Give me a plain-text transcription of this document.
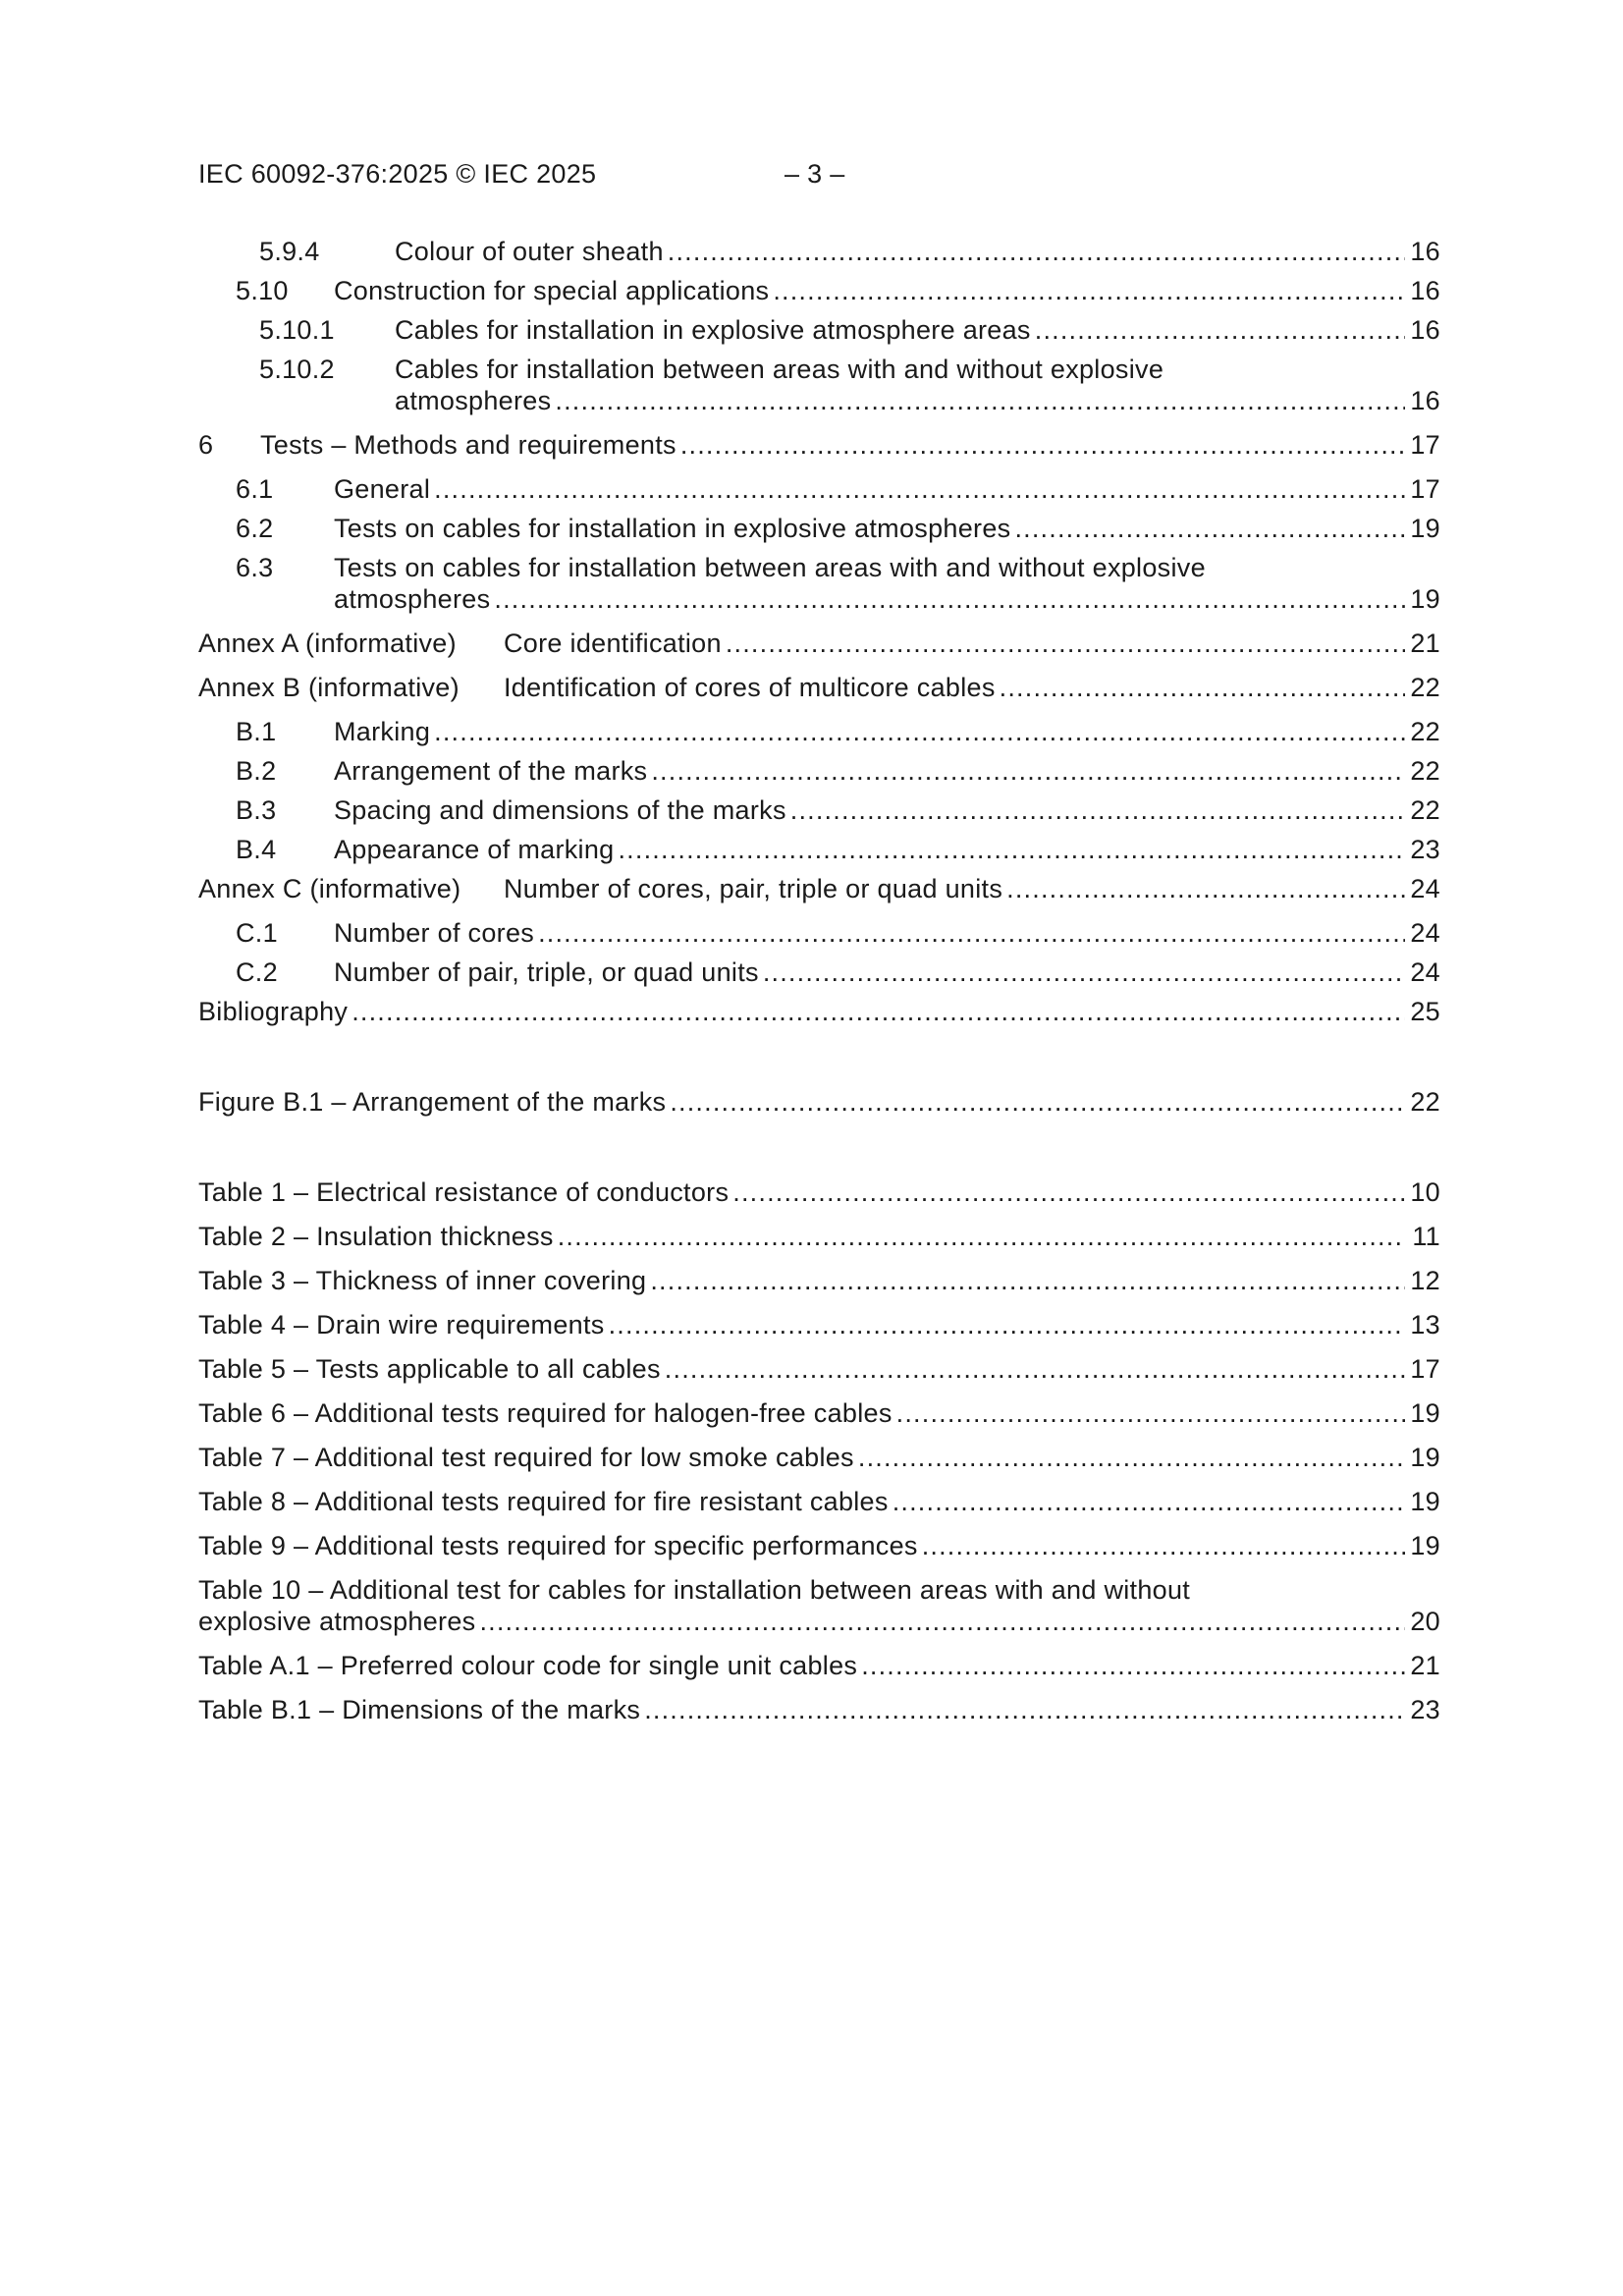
IEC 60092-376:2025 © IEC 2025	– 3 –
5.9.4	Colour of outer sheath .....	16
5.10 Construction for special applications .....	16
5.10.1 Cables for installation in explosive atmosphere areas .....	16
5.10.2 Cables for installation between areas with and without explosive
atmospheres .....	16
6 Tests – Methods and requirements .....	17
6.1 General .....	17
6.2 Tests on cables for installation in explosive atmospheres .....	19
6.3 Tests on cables for installation between areas with and without explosive
atmospheres .....	19
Annex A (informative) Core identification .....	21
Annex B (informative) Identification of cores of multicore cables .....	22
B.1 Marking .....	22
B.2 Arrangement of the marks .....	22
B.3 Spacing and dimensions of the marks .....	22
B.4 Appearance of marking .....	23
Annex C (informative) Number of cores, pair, triple or quad units .....	24
C.1 Number of cores .....	24
C.2 Number of pair, triple, or quad units .....	24
Bibliography .....	25
Figure B.1 – Arrangement of the marks .....	22
Table 1 – Electrical resistance of conductors .....	10
Table 2 – Insulation thickness .....	11
Table 3 – Thickness of inner covering .....	12
Table 4 – Drain wire requirements .....	13
Table 5 – Tests applicable to all cables .....	17
Table 6 – Additional tests required for halogen-free cables .....	19
Table 7 – Additional test required for low smoke cables .....	19
Table 8 – Additional tests required for fire resistant cables .....	19
Table 9 – Additional tests required for specific performances .....	19
Table 10 – Additional test for cables for installation between areas with and without
explosive atmospheres .....	20
Table A.1 – Preferred colour code for single unit cables .....	21
Table B.1 – Dimensions of the marks .....	23
